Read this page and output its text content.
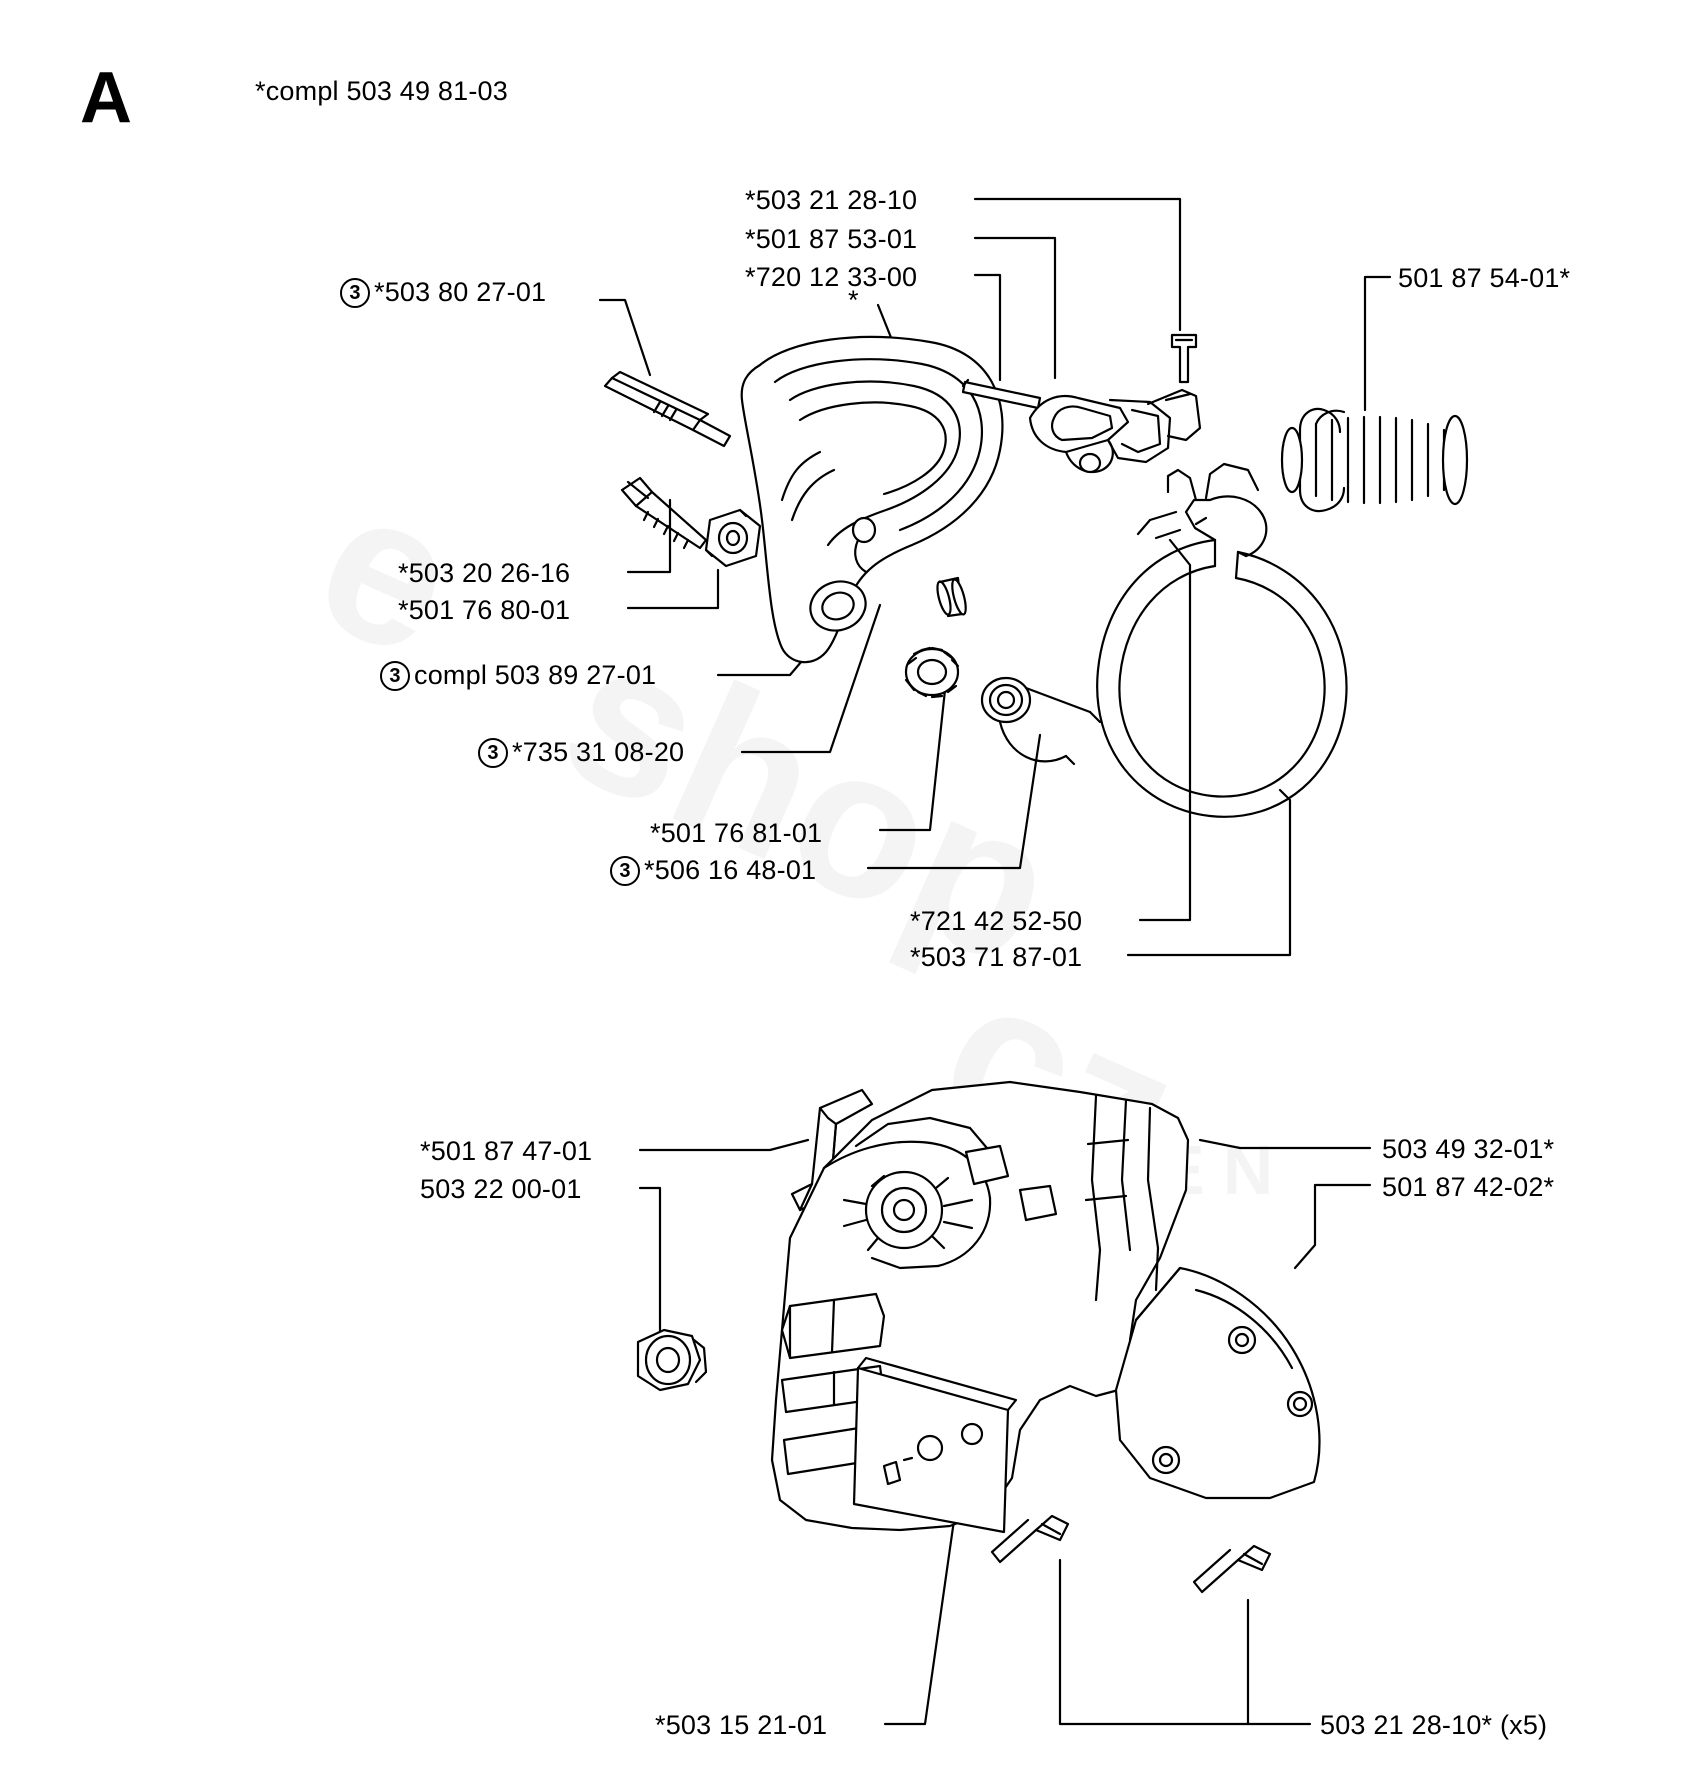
A	*compl 503 49 81-03
*503 21 28-10
*501 87 53-01
*720 12 33-00
*
501 87 54-01*
3 *503 80 27-01
*503 20 26-16
*501 76 80-01
3 compl 503 89 27-01
3 *735 31 08-20
*501 76 81-01
3 *506 16 48-01
*721 42 52-50
*503 71 87-01
*501 87 47-01
503 22 00-01
503 49 32-01*
501 87 42-02*
*503 15 21-01	503 21 28-10* (x5)
